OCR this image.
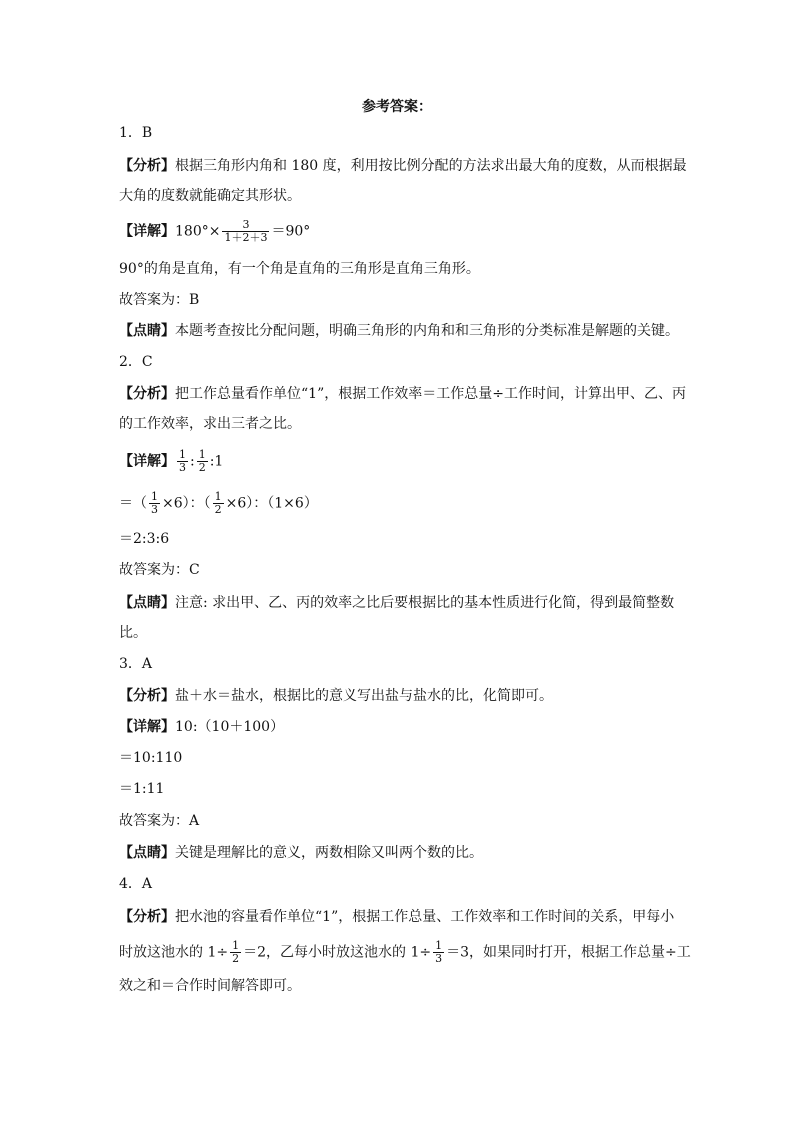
参考答案：
1．B
【分析】根据三角形内角和 180 度，利用按比例分配的方法求出最大角的度数，从而根据最
大角的度数就能确定其形状。
【详解】$180^\circ\times \frac{3}{1+2+3} =90^\circ$
90°的角是直角，有一个角是直角的三角形是直角三角形。
故答案为：B
【点睛】本题考查按比分配问题，明确三角形的内角和和三角形的分类标准是解题的关键。
2．C
【分析】把工作总量看作单位“1”，根据工作效率＝工作总量÷工作时间，计算出甲、乙、丙
的工作效率，求出三者之比。
【详解】 $\frac{1}{3}$ : $\frac{1}{2}$ :1
＝（ $\frac{1}{3} \times 6$）：（ $\frac{1}{2} \times 6$）：（1×6）
＝2:3:6
故答案为：C
【点睛】注意: 求出甲、乙、丙的效率之比后要根据比的基本性质进行化简，得到最简整数
比。
3．A
【分析】盐＋水＝盐水，根据比的意义写出盐与盐水的比，化简即可。
【详解】10:（10＋100）
＝10:110
＝1:11
故答案为：A
【点睛】关键是理解比的意义，两数相除又叫两个数的比。
4．A
【分析】把水池的容量看作单位“1”，根据工作总量、工作效率和工作时间的关系，甲每小
时放这池水的 $1\div \frac{1}{2} =2$，乙每小时放这池水的 $1\div \frac{1}{3} =3$，如果同时打开，根据工作总量÷工
效之和＝合作时间解答即可。
